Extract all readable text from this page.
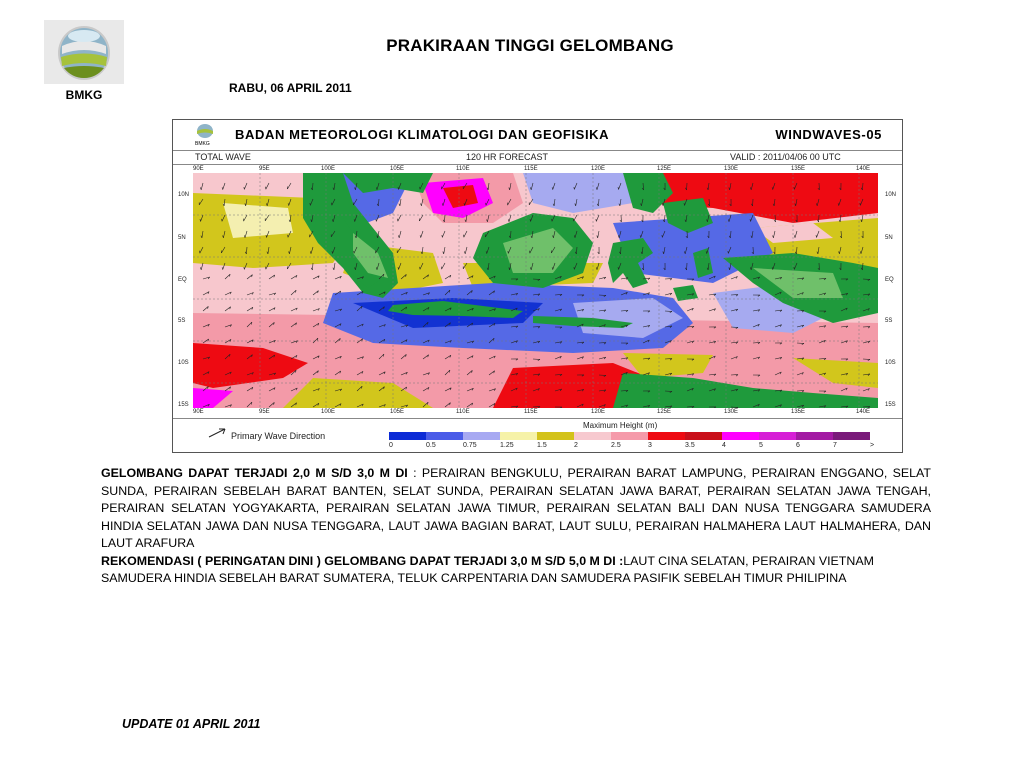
BMKG
PRAKIRAAN TINGGI GELOMBANG
RABU, 06 APRIL 2011
BMKG
BADAN METEOROLOGI KLIMATOLOGI DAN GEOFISIKA	WINDWAVES-05
TOTAL WAVE	120 HR FORECAST	VALID : 2011/04/06 00 UTC
90E	95E	100E	105E	110E	115E	120E	125E	130E	135E	140E
10N
5N
EQ
5S
10S
15S
10N
5N
EQ
5S
10S
15S
90E	95E	100E	105E	110E	115E	120E	125E	130E	135E	140E
Primary Wave Direction
Maximum Height (m)
0	0.5	0.75	1.25	1.5	2	2.5	3	3.5	4	5	6	7	>

GELOMBANG DAPAT TERJADI 2,0 M S/D 3,0 M DI : PERAIRAN BENGKULU, PERAIRAN BARAT LAMPUNG, PERAIRAN ENGGANO, SELAT SUNDA, PERAIRAN SEBELAH BARAT BANTEN, SELAT SUNDA, PERAIRAN SELATAN JAWA BARAT, PERAIRAN SELATAN JAWA TENGAH, PERAIRAN SELATAN YOGYAKARTA, PERAIRAN SELATAN JAWA TIMUR, PERAIRAN SELATAN BALI DAN NUSA TENGGARA SAMUDERA HINDIA SELATAN JAWA DAN NUSA TENGGARA, LAUT JAWA BAGIAN BARAT, LAUT SULU, PERAIRAN HALMAHERA LAUT HALMAHERA, DAN LAUT ARAFURA

REKOMENDASI ( PERINGATAN DINI ) GELOMBANG DAPAT TERJADI 3,0 M S/D 5,0 M DI :LAUT CINA SELATAN, PERAIRAN VIETNAM

SAMUDERA HINDIA SEBELAH BARAT SUMATERA, TELUK CARPENTARIA DAN SAMUDERA PASIFIK SEBELAH TIMUR PHILIPINA

UPDATE 01 APRIL 2011
